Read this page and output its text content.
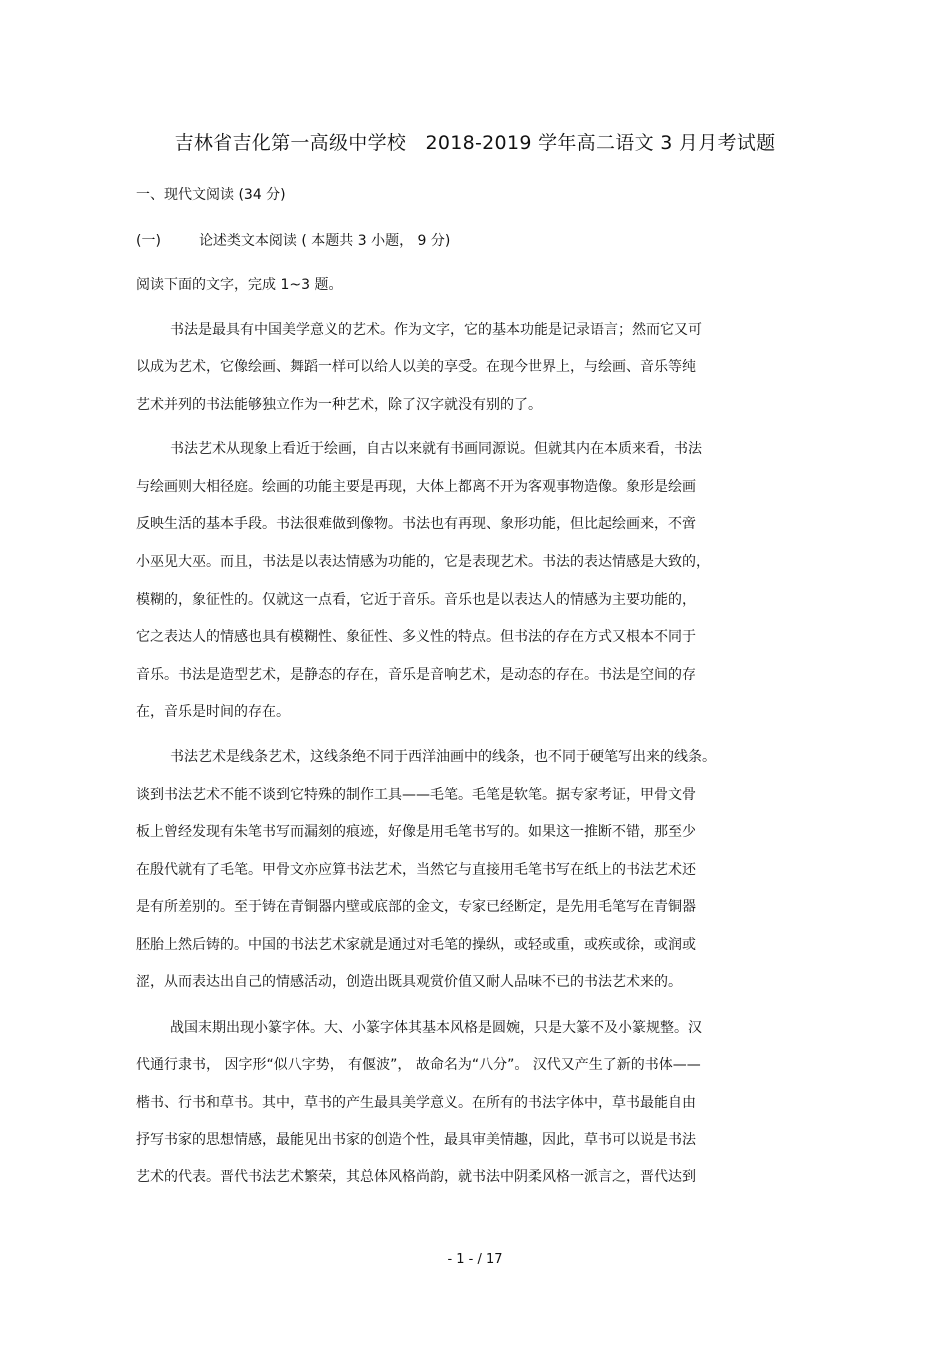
吉林省吉化第一高级中学校　2018-2019 学年高二语文 3 月月考试题
一、现代文阅读 (34 分)
(一)	论述类文本阅读 ( 本题共 3 小题， 9 分)
阅读下面的文字，完成 1~3 题。
书法是最具有中国美学意义的艺术。作为文字，它的基本功能是记录语言；然而它又可
以成为艺术，它像绘画、舞蹈一样可以给人以美的享受。在现今世界上，与绘画、音乐等纯
艺术并列的书法能够独立作为一种艺术，除了汉字就没有别的了。
书法艺术从现象上看近于绘画，自古以来就有书画同源说。但就其内在本质来看，书法
与绘画则大相径庭。绘画的功能主要是再现，大体上都离不开为客观事物造像。象形是绘画
反映生活的基本手段。书法很难做到像物。书法也有再现、象形功能，但比起绘画来，不啻
小巫见大巫。而且，书法是以表达情感为功能的，它是表现艺术。书法的表达情感是大致的，
模糊的，象征性的。仅就这一点看，它近于音乐。音乐也是以表达人的情感为主要功能的，
它之表达人的情感也具有模糊性、象征性、多义性的特点。但书法的存在方式又根本不同于
音乐。书法是造型艺术，是静态的存在，音乐是音响艺术，是动态的存在。书法是空间的存
在，音乐是时间的存在。
书法艺术是线条艺术，这线条绝不同于西洋油画中的线条，也不同于硬笔写出来的线条。
谈到书法艺术不能不谈到它特殊的制作工具——毛笔。毛笔是软笔。据专家考证，甲骨文骨
板上曾经发现有朱笔书写而漏刻的痕迹，好像是用毛笔书写的。如果这一推断不错，那至少
在殷代就有了毛笔。甲骨文亦应算书法艺术，当然它与直接用毛笔书写在纸上的书法艺术还
是有所差别的。至于铸在青铜器内壁或底部的金文，专家已经断定，是先用毛笔写在青铜器
胚胎上然后铸的。中国的书法艺术家就是通过对毛笔的操纵，或轻或重，或疾或徐，或润或
涩，从而表达出自己的情感活动，创造出既具观赏价值又耐人品味不已的书法艺术来的。
战国末期出现小篆字体。大、小篆字体其基本风格是圆婉，只是大篆不及小篆规整。汉
代通行隶书， 因字形“似八字势， 有偃波”， 故命名为“八分”。 汉代又产生了新的书体——
楷书、行书和草书。其中，草书的产生最具美学意义。在所有的书法字体中，草书最能自由
抒写书家的思想情感，最能见出书家的创造个性，最具审美情趣，因此，草书可以说是书法
艺术的代表。晋代书法艺术繁荣，其总体风格尚韵，就书法中阴柔风格一派言之，晋代达到
- 1 - / 17
